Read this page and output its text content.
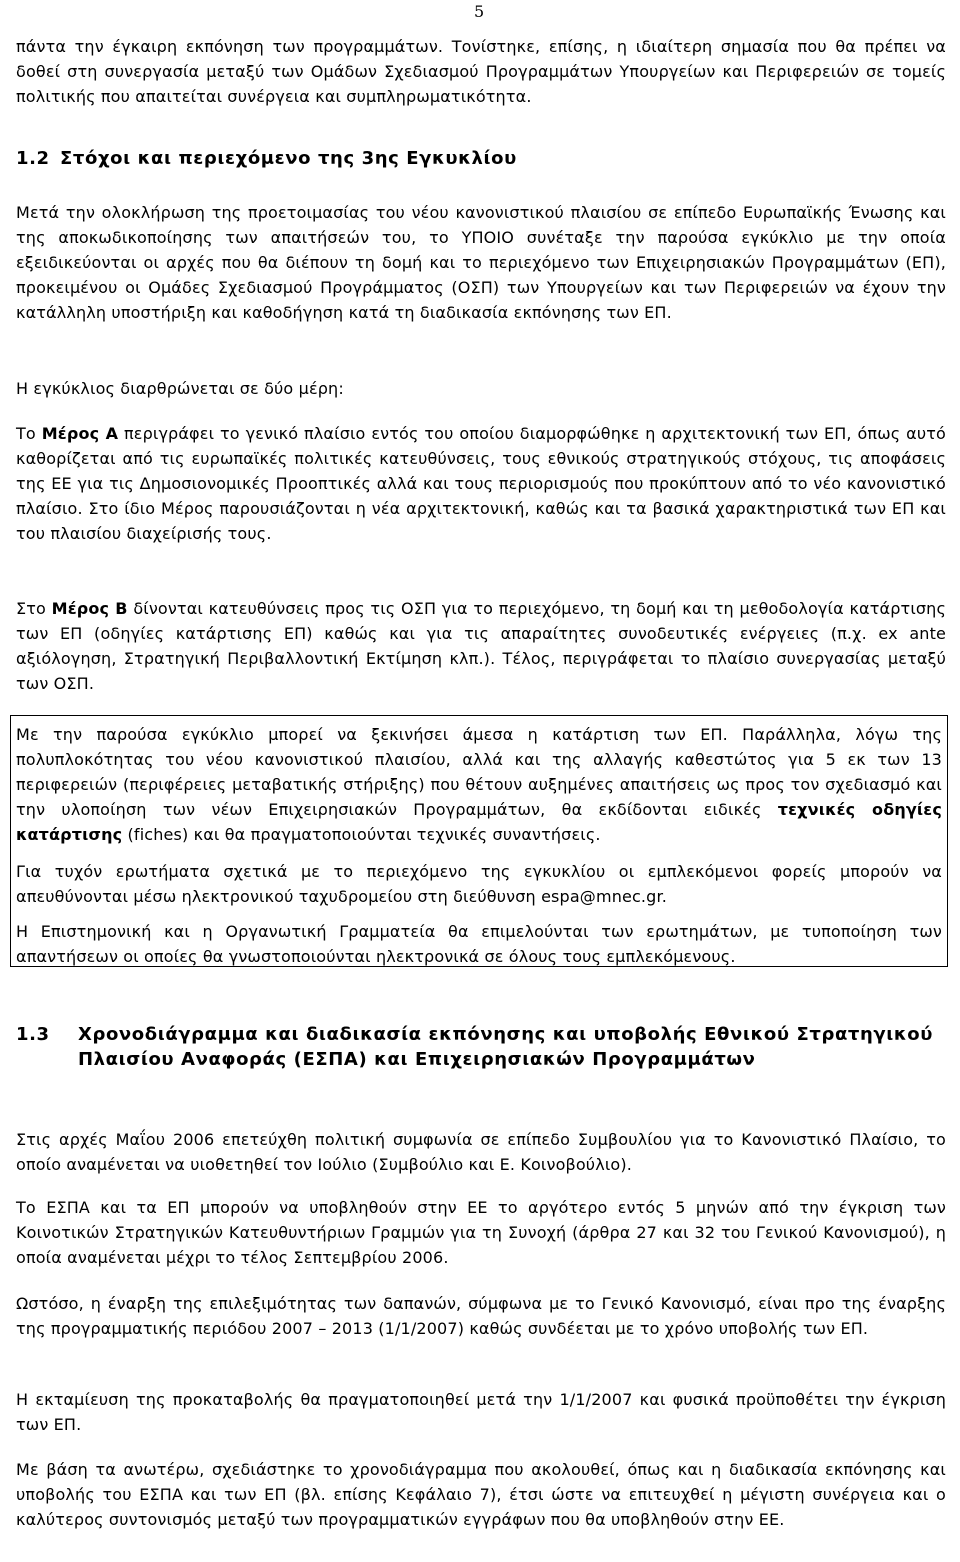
5

πάντα την έγκαιρη εκπόνηση των προγραμμάτων. Τονίστηκε, επίσης, η ιδιαίτερη σημασία που θα πρέπει να δοθεί στη συνεργασία μεταξύ των Ομάδων Σχεδιασμού Προγραμμάτων Υπουργείων και Περιφερειών σε τομείς πολιτικής που απαιτείται συνέργεια και συμπληρωματικότητα.

1.2 Στόχοι και περιεχόμενο της 3ης Εγκυκλίου

Μετά την ολοκλήρωση της προετοιμασίας του νέου κανονιστικού πλαισίου σε επίπεδο Ευρωπαϊκής Ένωσης και της αποκωδικοποίησης των απαιτήσεών του, το ΥΠΟΙΟ συνέταξε την παρούσα εγκύκλιο με την οποία εξειδικεύονται οι αρχές που θα διέπουν τη δομή και το περιεχόμενο των Επιχειρησιακών Προγραμμάτων (ΕΠ), προκειμένου οι Ομάδες Σχεδιασμού Προγράμματος (ΟΣΠ) των Υπουργείων και των Περιφερειών να έχουν την κατάλληλη υποστήριξη και καθοδήγηση κατά τη διαδικασία εκπόνησης των ΕΠ.

Η εγκύκλιος διαρθρώνεται σε δύο μέρη:

Το Μέρος Α περιγράφει το γενικό πλαίσιο εντός του οποίου διαμορφώθηκε η αρχιτεκτονική των ΕΠ, όπως αυτό καθορίζεται από τις ευρωπαϊκές πολιτικές κατευθύνσεις, τους εθνικούς στρατηγικούς στόχους, τις αποφάσεις της ΕΕ για τις Δημοσιονομικές Προοπτικές αλλά και τους περιορισμούς που προκύπτουν από το νέο κανονιστικό πλαίσιο. Στο ίδιο Μέρος παρουσιάζονται η νέα αρχιτεκτονική, καθώς και τα βασικά χαρακτηριστικά των ΕΠ και του πλαισίου διαχείρισής τους.

Στο Μέρος Β δίνονται κατευθύνσεις προς τις ΟΣΠ για το περιεχόμενο, τη δομή και τη μεθοδολογία κατάρτισης των ΕΠ (οδηγίες κατάρτισης ΕΠ) καθώς και για τις απαραίτητες συνοδευτικές ενέργειες (π.χ. ex ante αξιόλογηση, Στρατηγική Περιβαλλοντική Εκτίμηση κλπ.). Τέλος, περιγράφεται το πλαίσιο συνεργασίας μεταξύ των ΟΣΠ.

Με την παρούσα εγκύκλιο μπορεί να ξεκινήσει άμεσα η κατάρτιση των ΕΠ. Παράλληλα, λόγω της πολυπλοκότητας του νέου κανονιστικού πλαισίου, αλλά και της αλλαγής καθεστώτος για 5 εκ των 13 περιφερειών (περιφέρειες μεταβατικής στήριξης) που θέτουν αυξημένες απαιτήσεις ως προς τον σχεδιασμό και την υλοποίηση των νέων Επιχειρησιακών Προγραμμάτων, θα εκδίδονται ειδικές τεχνικές οδηγίες κατάρτισης (fiches) και θα πραγματοποιούνται τεχνικές συναντήσεις.

Για τυχόν ερωτήματα σχετικά με το περιεχόμενο της εγκυκλίου οι εμπλεκόμενοι φορείς μπορούν να απευθύνονται μέσω ηλεκτρονικού ταχυδρομείου στη διεύθυνση espa@mnec.gr.

Η Επιστημονική και η Οργανωτική Γραμματεία θα επιμελούνται των ερωτημάτων, με τυποποίηση των απαντήσεων οι οποίες θα γνωστοποιούνται ηλεκτρονικά σε όλους τους εμπλεκόμενους.

1.3 Χρονοδιάγραμμα και διαδικασία εκπόνησης και υποβολής Εθνικού Στρατηγικού Πλαισίου Αναφοράς (ΕΣΠΑ) και Επιχειρησιακών Προγραμμάτων

Στις αρχές Μαΐου 2006 επετεύχθη πολιτική συμφωνία σε επίπεδο Συμβουλίου για το Κανονιστικό Πλαίσιο, το οποίο αναμένεται να υιοθετηθεί τον Ιούλιο (Συμβούλιο και Ε. Κοινοβούλιο).

Το ΕΣΠΑ και τα ΕΠ μπορούν να υποβληθούν στην ΕΕ το αργότερο εντός 5 μηνών από την έγκριση των Κοινοτικών Στρατηγικών Κατευθυντήριων Γραμμών για τη Συνοχή (άρθρα 27 και 32 του Γενικού Κανονισμού), η οποία αναμένεται μέχρι το τέλος Σεπτεμβρίου 2006.

Ωστόσο, η έναρξη της επιλεξιμότητας των δαπανών, σύμφωνα με το Γενικό Κανονισμό, είναι προ της έναρξης της προγραμματικής περιόδου 2007 – 2013 (1/1/2007) καθώς συνδέεται με το χρόνο υποβολής των ΕΠ.

Η εκταμίευση της προκαταβολής θα πραγματοποιηθεί μετά την 1/1/2007 και φυσικά προϋποθέτει την έγκριση των ΕΠ.

Με βάση τα ανωτέρω, σχεδιάστηκε το χρονοδιάγραμμα που ακολουθεί, όπως και η διαδικασία εκπόνησης και υποβολής του ΕΣΠΑ και των ΕΠ (βλ. επίσης Κεφάλαιο 7), έτσι ώστε να επιτευχθεί η μέγιστη συνέργεια και ο καλύτερος συντονισμός μεταξύ των προγραμματικών εγγράφων που θα υποβληθούν στην ΕΕ.
